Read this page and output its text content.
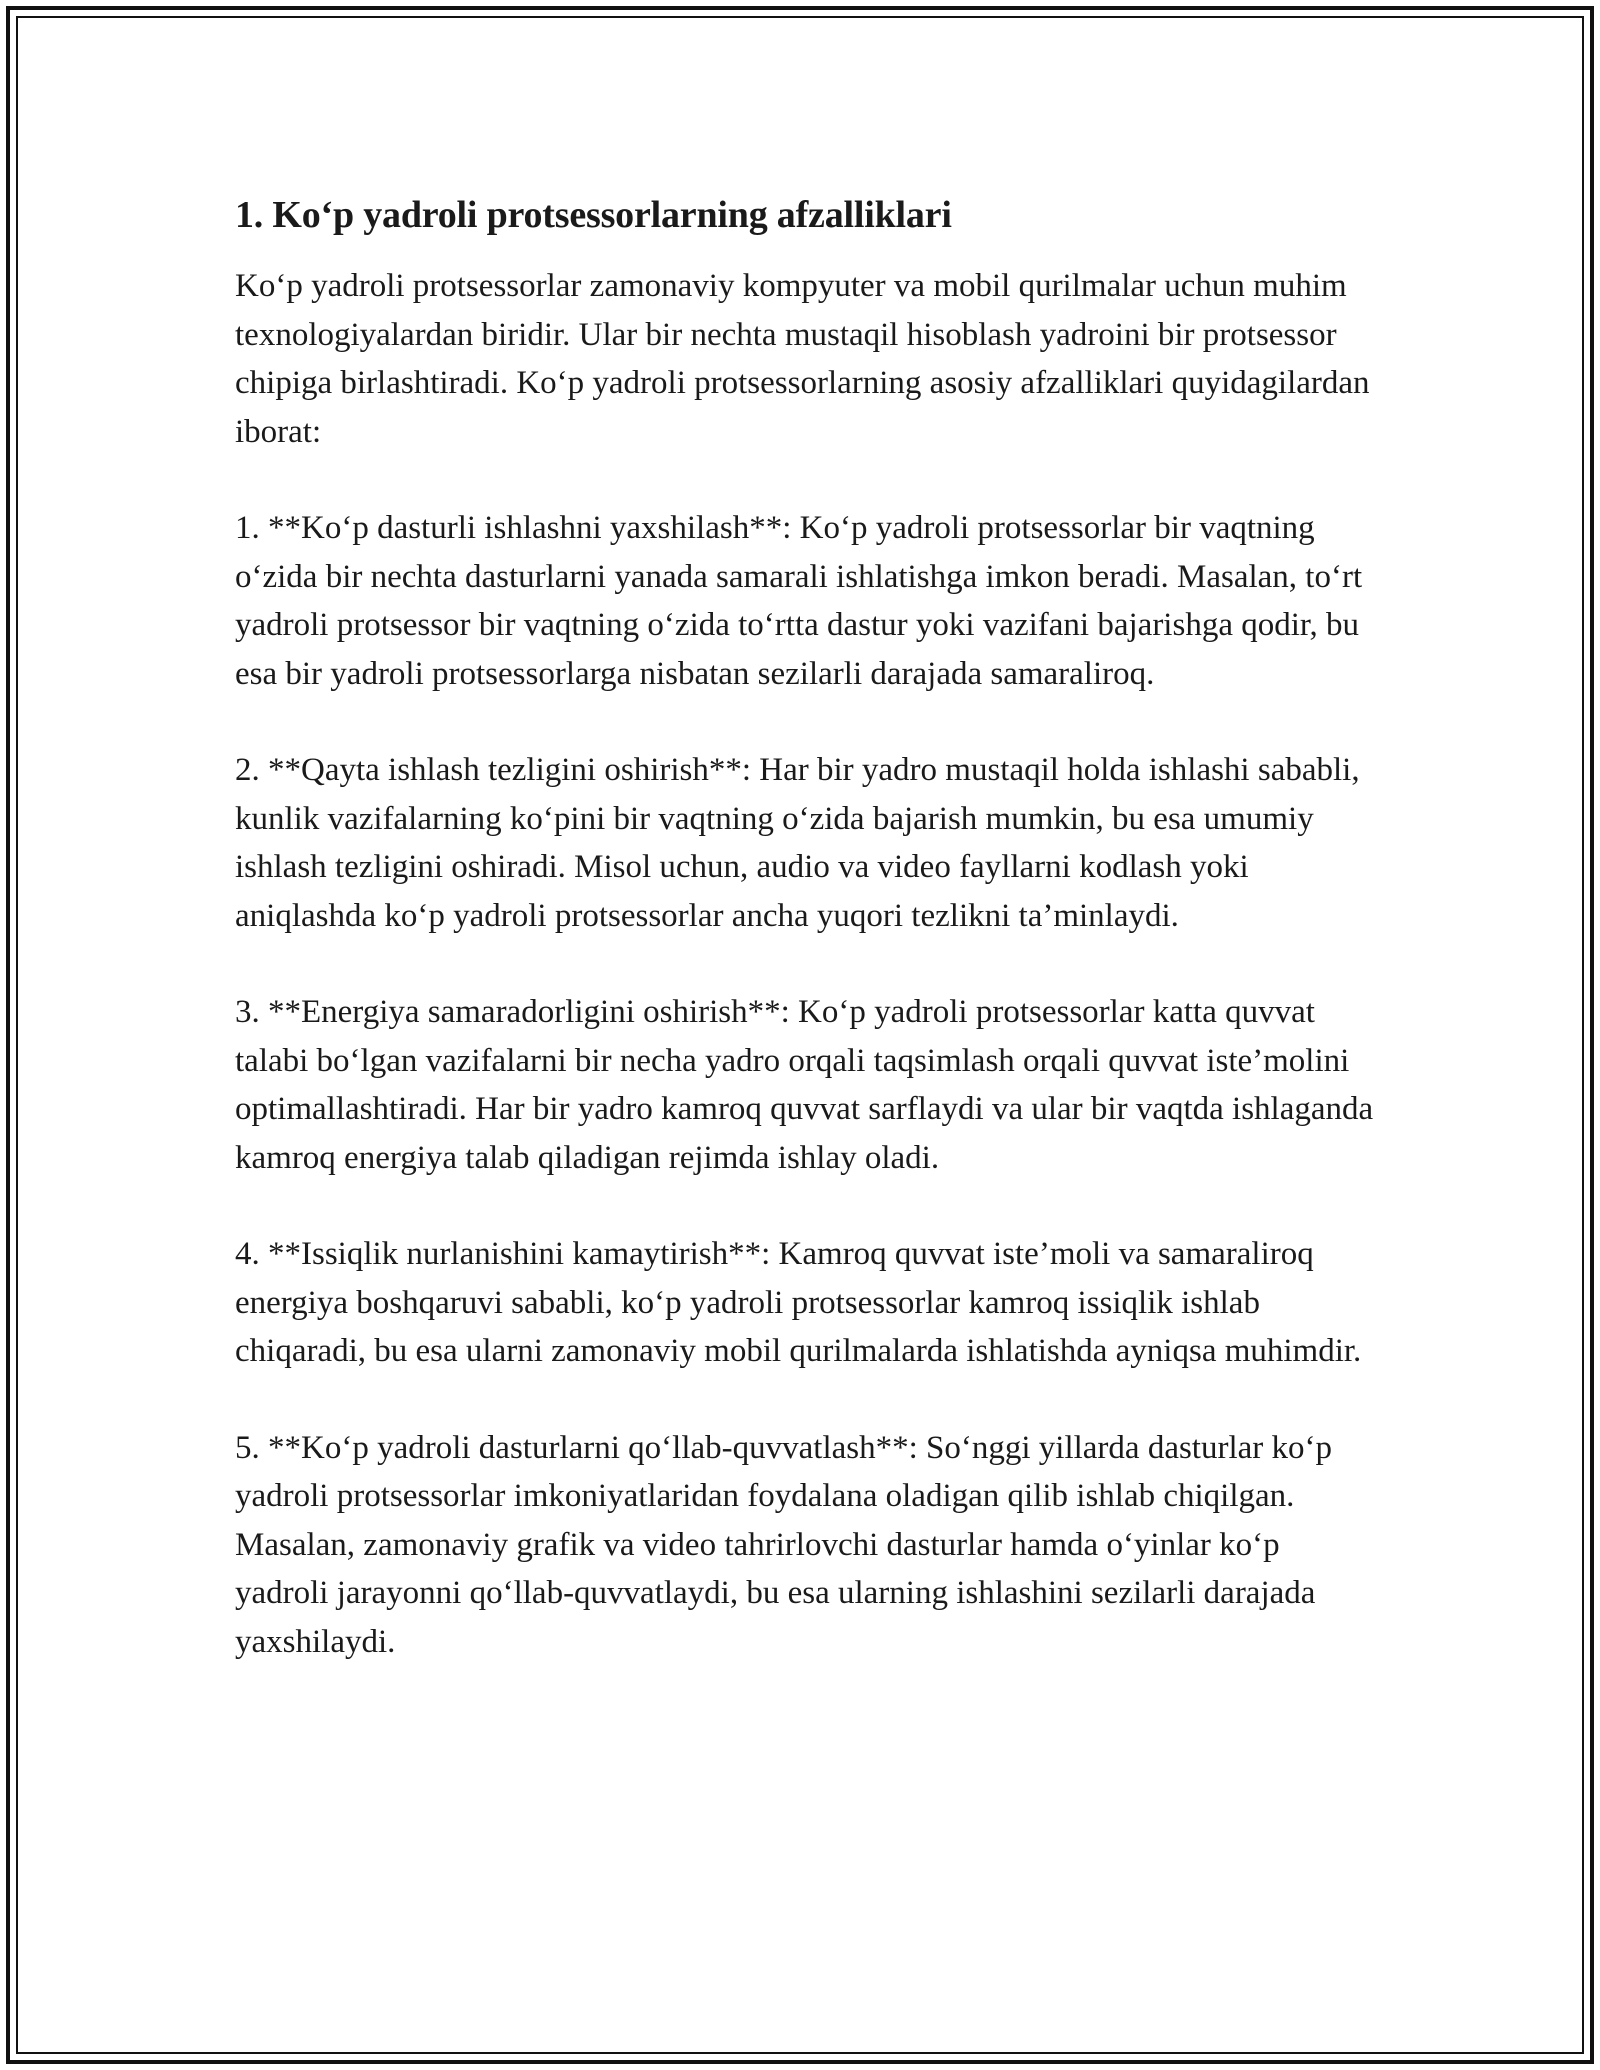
1. Ko‘p yadroli protsessorlarning afzalliklari

Ko‘p yadroli protsessorlar zamonaviy kompyuter va mobil qurilmalar uchun muhim texnologiyalardan biridir. Ular bir nechta mustaqil hisoblash yadroini bir protsessor chipiga birlashtiradi. Ko‘p yadroli protsessorlarning asosiy afzalliklari quyidagilardan iborat:

1. **Ko‘p dasturli ishlashni yaxshilash**: Ko‘p yadroli protsessorlar bir vaqtning o‘zida bir nechta dasturlarni yanada samarali ishlatishga imkon beradi. Masalan, to‘rt yadroli protsessor bir vaqtning o‘zida to‘rtta dastur yoki vazifani bajarishga qodir, bu esa bir yadroli protsessorlarga nisbatan sezilarli darajada samaraliroq.

2. **Qayta ishlash tezligini oshirish**: Har bir yadro mustaqil holda ishlashi sababli, kunlik vazifalarning ko‘pini bir vaqtning o‘zida bajarish mumkin, bu esa umumiy ishlash tezligini oshiradi. Misol uchun, audio va video fayllarni kodlash yoki aniqlashda ko‘p yadroli protsessorlar ancha yuqori tezlikni ta’minlaydi.

3. **Energiya samaradorligini oshirish**: Ko‘p yadroli protsessorlar katta quvvat talabi bo‘lgan vazifalarni bir necha yadro orqali taqsimlash orqali quvvat iste’molini optimallashtiradi. Har bir yadro kamroq quvvat sarflaydi va ular bir vaqtda ishlaganda kamroq energiya talab qiladigan rejimda ishlay oladi.

4. **Issiqlik nurlanishini kamaytirish**: Kamroq quvvat iste’moli va samaraliroq energiya boshqaruvi sababli, ko‘p yadroli protsessorlar kamroq issiqlik ishlab chiqaradi, bu esa ularni zamonaviy mobil qurilmalarda ishlatishda ayniqsa muhimdir.

5. **Ko‘p yadroli dasturlarni qo‘llab-quvvatlash**: So‘nggi yillarda dasturlar ko‘p yadroli protsessorlar imkoniyatlaridan foydalana oladigan qilib ishlab chiqilgan. Masalan, zamonaviy grafik va video tahrirlovchi dasturlar hamda o‘yinlar ko‘p yadroli jarayonni qo‘llab-quvvatlaydi, bu esa ularning ishlashini sezilarli darajada yaxshilaydi.
